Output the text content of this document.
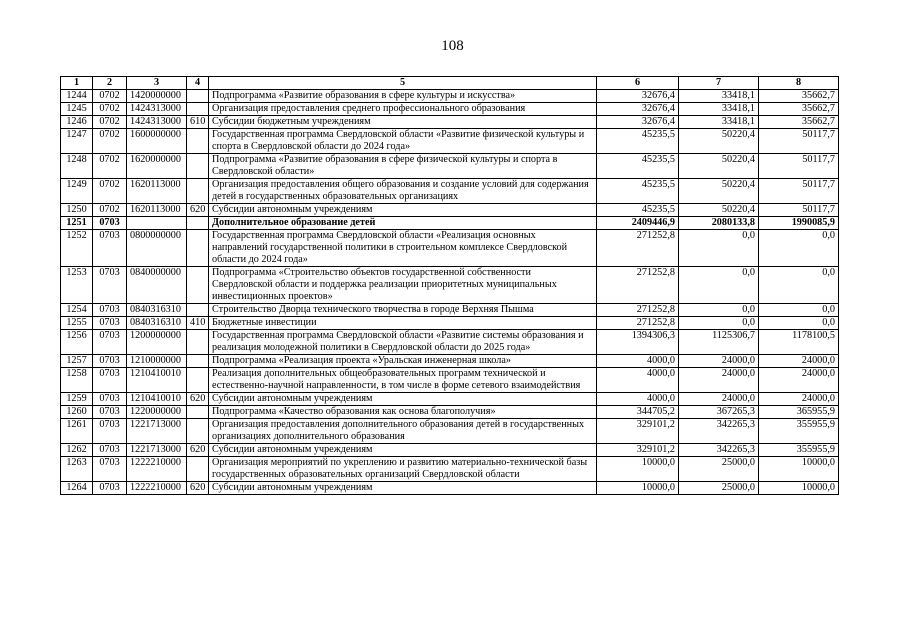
108
1	2	3	4	5	6	7	8
1244	0702	1420000000		Подпрограмма «Развитие образования в сфере культуры и искусства»	32676,4	33418,1	35662,7
1245	0702	1424313000		Организация предоставления среднего профессионального образования	32676,4	33418,1	35662,7
1246	0702	1424313000	610	Субсидии бюджетным учреждениям	32676,4	33418,1	35662,7
1247	0702	1600000000		Государственная программа Свердловской области «Развитие физической культуры и спорта в Свердловской области до 2024 года»	45235,5	50220,4	50117,7
1248	0702	1620000000		Подпрограмма «Развитие образования в сфере физической культуры и спорта в Свердловской области»	45235,5	50220,4	50117,7
1249	0702	1620113000		Организация предоставления общего образования и создание условий для содержания детей в государственных образовательных организациях	45235,5	50220,4	50117,7
1250	0702	1620113000	620	Субсидии автономным учреждениям	45235,5	50220,4	50117,7
1251	0703			Дополнительное образование детей	2409446,9	2080133,8	1990085,9
1252	0703	0800000000		Государственная программа Свердловской области «Реализация основных направлений государственной политики в строительном комплексе Свердловской области до 2024 года»	271252,8	0,0	0,0
1253	0703	0840000000		Подпрограмма «Строительство объектов государственной собственности Свердловской области и поддержка реализации приоритетных муниципальных инвестиционных проектов»	271252,8	0,0	0,0
1254	0703	0840316310		Строительство Дворца технического творчества в городе Верхняя Пышма	271252,8	0,0	0,0
1255	0703	0840316310	410	Бюджетные инвестиции	271252,8	0,0	0,0
1256	0703	1200000000		Государственная программа Свердловской области «Развитие системы образования и реализация молодежной политики в Свердловской области до 2025 года»	1394306,3	1125306,7	1178100,5
1257	0703	1210000000		Подпрограмма «Реализация проекта «Уральская инженерная школа»	4000,0	24000,0	24000,0
1258	0703	1210410010		Реализация дополнительных общеобразовательных программ технической и естественно-научной направленности, в том числе в форме сетевого взаимодействия	4000,0	24000,0	24000,0
1259	0703	1210410010	620	Субсидии автономным учреждениям	4000,0	24000,0	24000,0
1260	0703	1220000000		Подпрограмма «Качество образования как основа благополучия»	344705,2	367265,3	365955,9
1261	0703	1221713000		Организация предоставления дополнительного образования детей в государственных организациях дополнительного образования	329101,2	342265,3	355955,9
1262	0703	1221713000	620	Субсидии автономным учреждениям	329101,2	342265,3	355955,9
1263	0703	1222210000		Организация мероприятий по укреплению и развитию материально-технической базы государственных образовательных организаций Свердловской области	10000,0	25000,0	10000,0
1264	0703	1222210000	620	Субсидии автономным учреждениям	10000,0	25000,0	10000,0
